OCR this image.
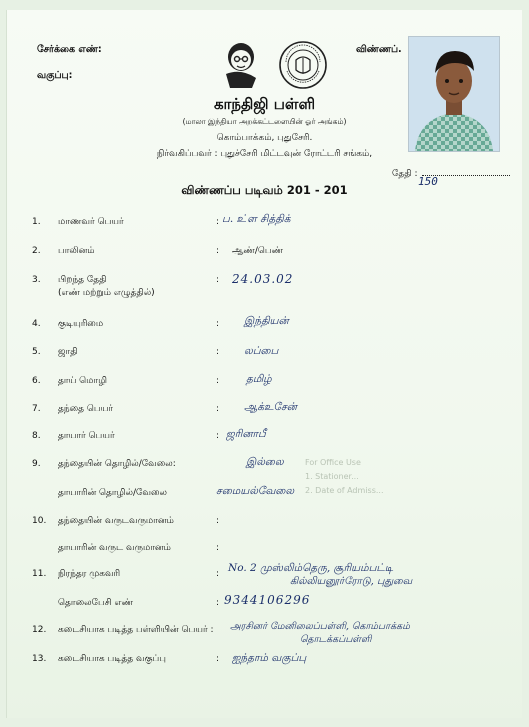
சேர்க்கை எண்:
வகுப்பு:
விண்ணப்.
காந்திஜி பள்ளி
(மாலா இந்தியா அறக்கட்டளையின் ஓர் அங்கம்)
கொம்பாக்கம், புதுசேரி.
நிர்வகிப்பவர் : புதுச்சேரி மிட்டவுன் ரோட்டரி சங்கம்,
தேதி :
விண்ணப்ப படிவம் 201 - 201
150
For Office Use
1. Stationer...
2. Date of Admiss...
1. மாணவர் பெயர்	: ப. உ்ள சித்திக்
2. பாலினம்	: ஆண்/பெண்
3. பிறந்த தேதி
(எண் மற்றும் எழுத்தில்)
: 24.03.02
4. குடியுரிமை	: இந்தியன்
5. ஜாதி	: லப்பை
6. தாய் மொழி	:	தமிழ்
7. தந்தை பெயர்	: ஆக்உசேன்
8. தாயார் பெயர்	: ஜரினாபீ
9. தந்தையின் தொழில்/வேலை:	இல்லை
தாயாரின் தொழில்/வேலை	சமையல்வேலை
10. தந்தையின் வருடவருமானம்	:
தாயாரின் வருட வருமானம்	:
11. நிரந்தர முகவரி	: No. 2 முஸ்லிம்தெரு, சூரியம்பட்டி
கில்லியனூர்ரோடு, புதுவை
தொலைபேசி எண்	: 9344106296
12. கடைசியாக படித்த பள்ளியின் பெயர் : அரசினர் மேனிலைப்பள்ளி, கொம்பாக்கம்
தொடக்கப்பள்ளி
13. கடைசியாக படித்த வகுப்பு	: ஐந்தாம் வகுப்பு
